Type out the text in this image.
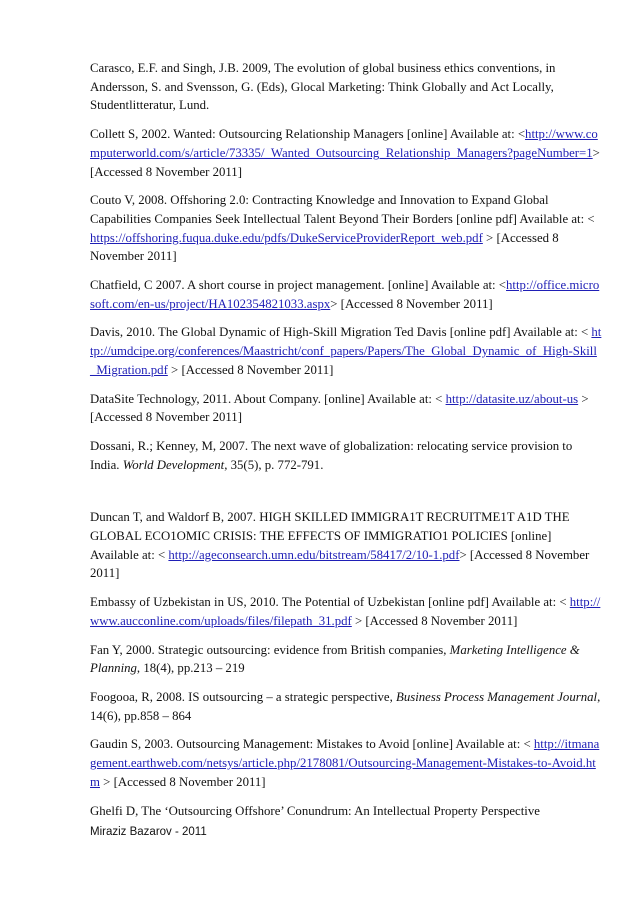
Carasco, E.F. and Singh, J.B. 2009, The evolution of global business ethics conventions, in Andersson, S. and Svensson, G. (Eds), Glocal Marketing: Think Globally and Act Locally, Studentlitteratur, Lund.
Collett S, 2002. Wanted: Outsourcing Relationship Managers [online] Available at: <http://www.computerworld.com/s/article/73335/_Wanted_Outsourcing_Relationship_Managers?pageNumber=1> [Accessed 8 November 2011]
Couto V, 2008. Offshoring 2.0: Contracting Knowledge and Innovation to Expand Global Capabilities Companies Seek Intellectual Talent Beyond Their Borders [online pdf] Available at: < https://offshoring.fuqua.duke.edu/pdfs/DukeServiceProviderReport_web.pdf > [Accessed 8 November 2011]
Chatfield, C 2007. A short course in project management. [online] Available at: <http://office.microsoft.com/en-us/project/HA102354821033.aspx> [Accessed 8 November 2011]
Davis, 2010. The Global Dynamic of High-Skill Migration Ted Davis [online pdf] Available at: < http://umdcipe.org/conferences/Maastricht/conf_papers/Papers/The_Global_Dynamic_of_High-Skill_Migration.pdf > [Accessed 8 November 2011]
DataSite Technology, 2011. About Company. [online] Available at: < http://datasite.uz/about-us > [Accessed 8 November 2011]
Dossani, R.; Kenney, M, 2007. The next wave of globalization: relocating service provision to India. World Development, 35(5), p. 772-791.
Duncan T, and Waldorf B, 2007. HIGH SKILLED IMMIGRA1T RECRUITME1T A1D THE GLOBAL ECO1OMIC CRISIS: THE EFFECTS OF IMMIGRATIO1 POLICIES [online] Available at: < http://ageconsearch.umn.edu/bitstream/58417/2/10-1.pdf> [Accessed 8 November 2011]
Embassy of Uzbekistan in US, 2010. The Potential of Uzbekistan [online pdf] Available at: < http://www.aucconline.com/uploads/files/filepath_31.pdf > [Accessed 8 November 2011]
Fan Y, 2000. Strategic outsourcing: evidence from British companies, Marketing Intelligence & Planning, 18(4), pp.213 – 219
Foogooa, R, 2008. IS outsourcing – a strategic perspective, Business Process Management Journal, 14(6), pp.858 – 864
Gaudin S, 2003. Outsourcing Management: Mistakes to Avoid [online] Available at: < http://itmanagement.earthweb.com/netsys/article.php/2178081/Outsourcing-Management-Mistakes-to-Avoid.htm > [Accessed 8 November 2011]
Ghelfi D, The ‘Outsourcing Offshore’ Conundrum: An Intellectual Property Perspective
Miraziz Bazarov - 2011
